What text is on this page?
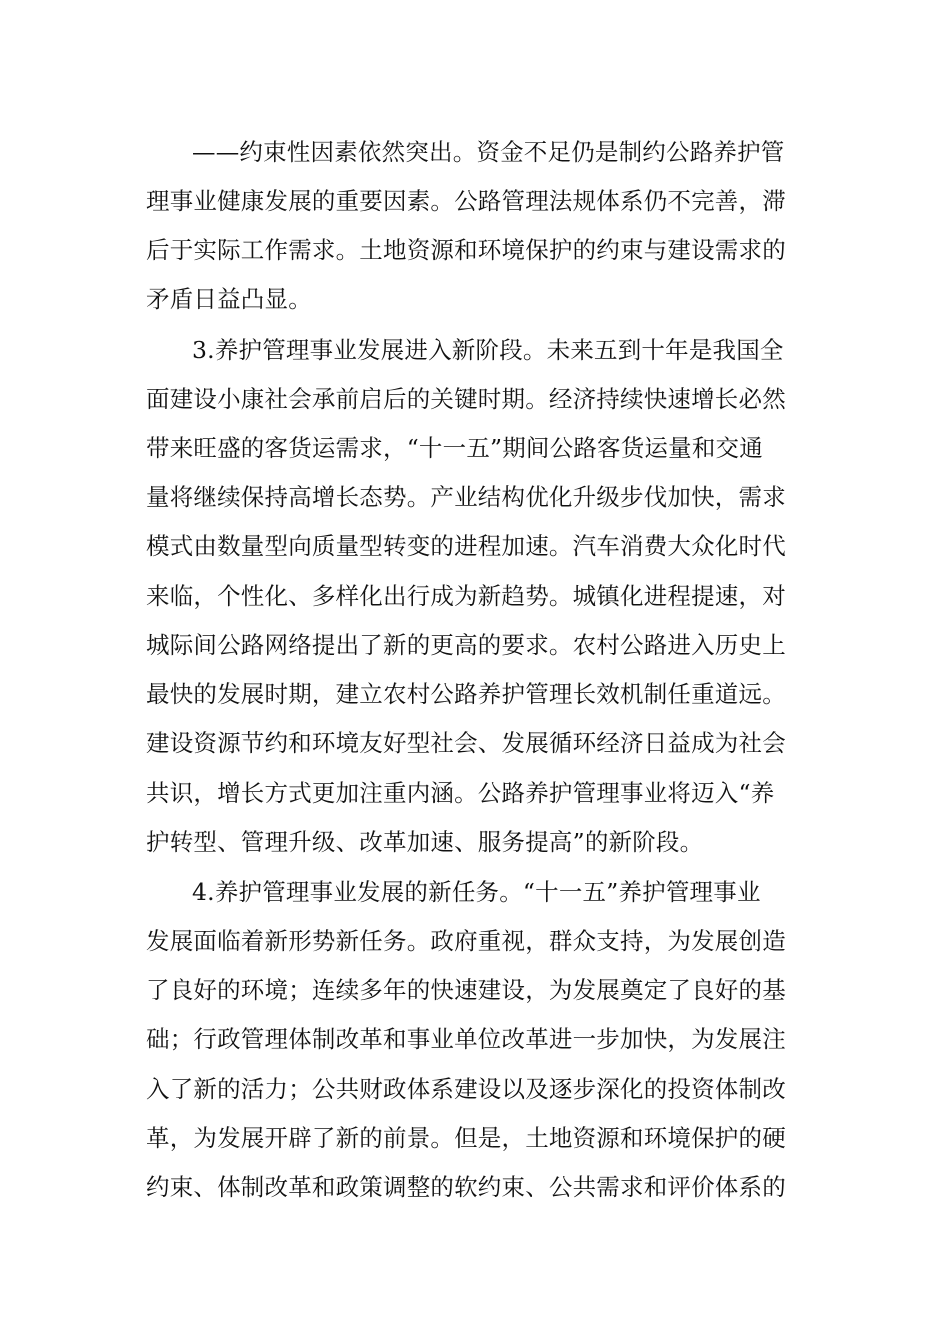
——约束性因素依然突出。资金不足仍是制约公路养护管
理事业健康发展的重要因素。公路管理法规体系仍不完善，滞
后于实际工作需求。土地资源和环境保护的约束与建设需求的
矛盾日益凸显。
3.养护管理事业发展进入新阶段。未来五到十年是我国全
面建设小康社会承前启后的关键时期。经济持续快速增长必然
带来旺盛的客货运需求，“十一五”期间公路客货运量和交通
量将继续保持高增长态势。产业结构优化升级步伐加快，需求
模式由数量型向质量型转变的进程加速。汽车消费大众化时代
来临，个性化、多样化出行成为新趋势。城镇化进程提速，对
城际间公路网络提出了新的更高的要求。农村公路进入历史上
最快的发展时期，建立农村公路养护管理长效机制任重道远。
建设资源节约和环境友好型社会、发展循环经济日益成为社会
共识，增长方式更加注重内涵。公路养护管理事业将迈入“养
护转型、管理升级、改革加速、服务提高”的新阶段。
4.养护管理事业发展的新任务。“十一五”养护管理事业
发展面临着新形势新任务。政府重视，群众支持，为发展创造
了良好的环境；连续多年的快速建设，为发展奠定了良好的基
础；行政管理体制改革和事业单位改革进一步加快，为发展注
入了新的活力；公共财政体系建设以及逐步深化的投资体制改
革，为发展开辟了新的前景。但是，土地资源和环境保护的硬
约束、体制改革和政策调整的软约束、公共需求和评价体系的
